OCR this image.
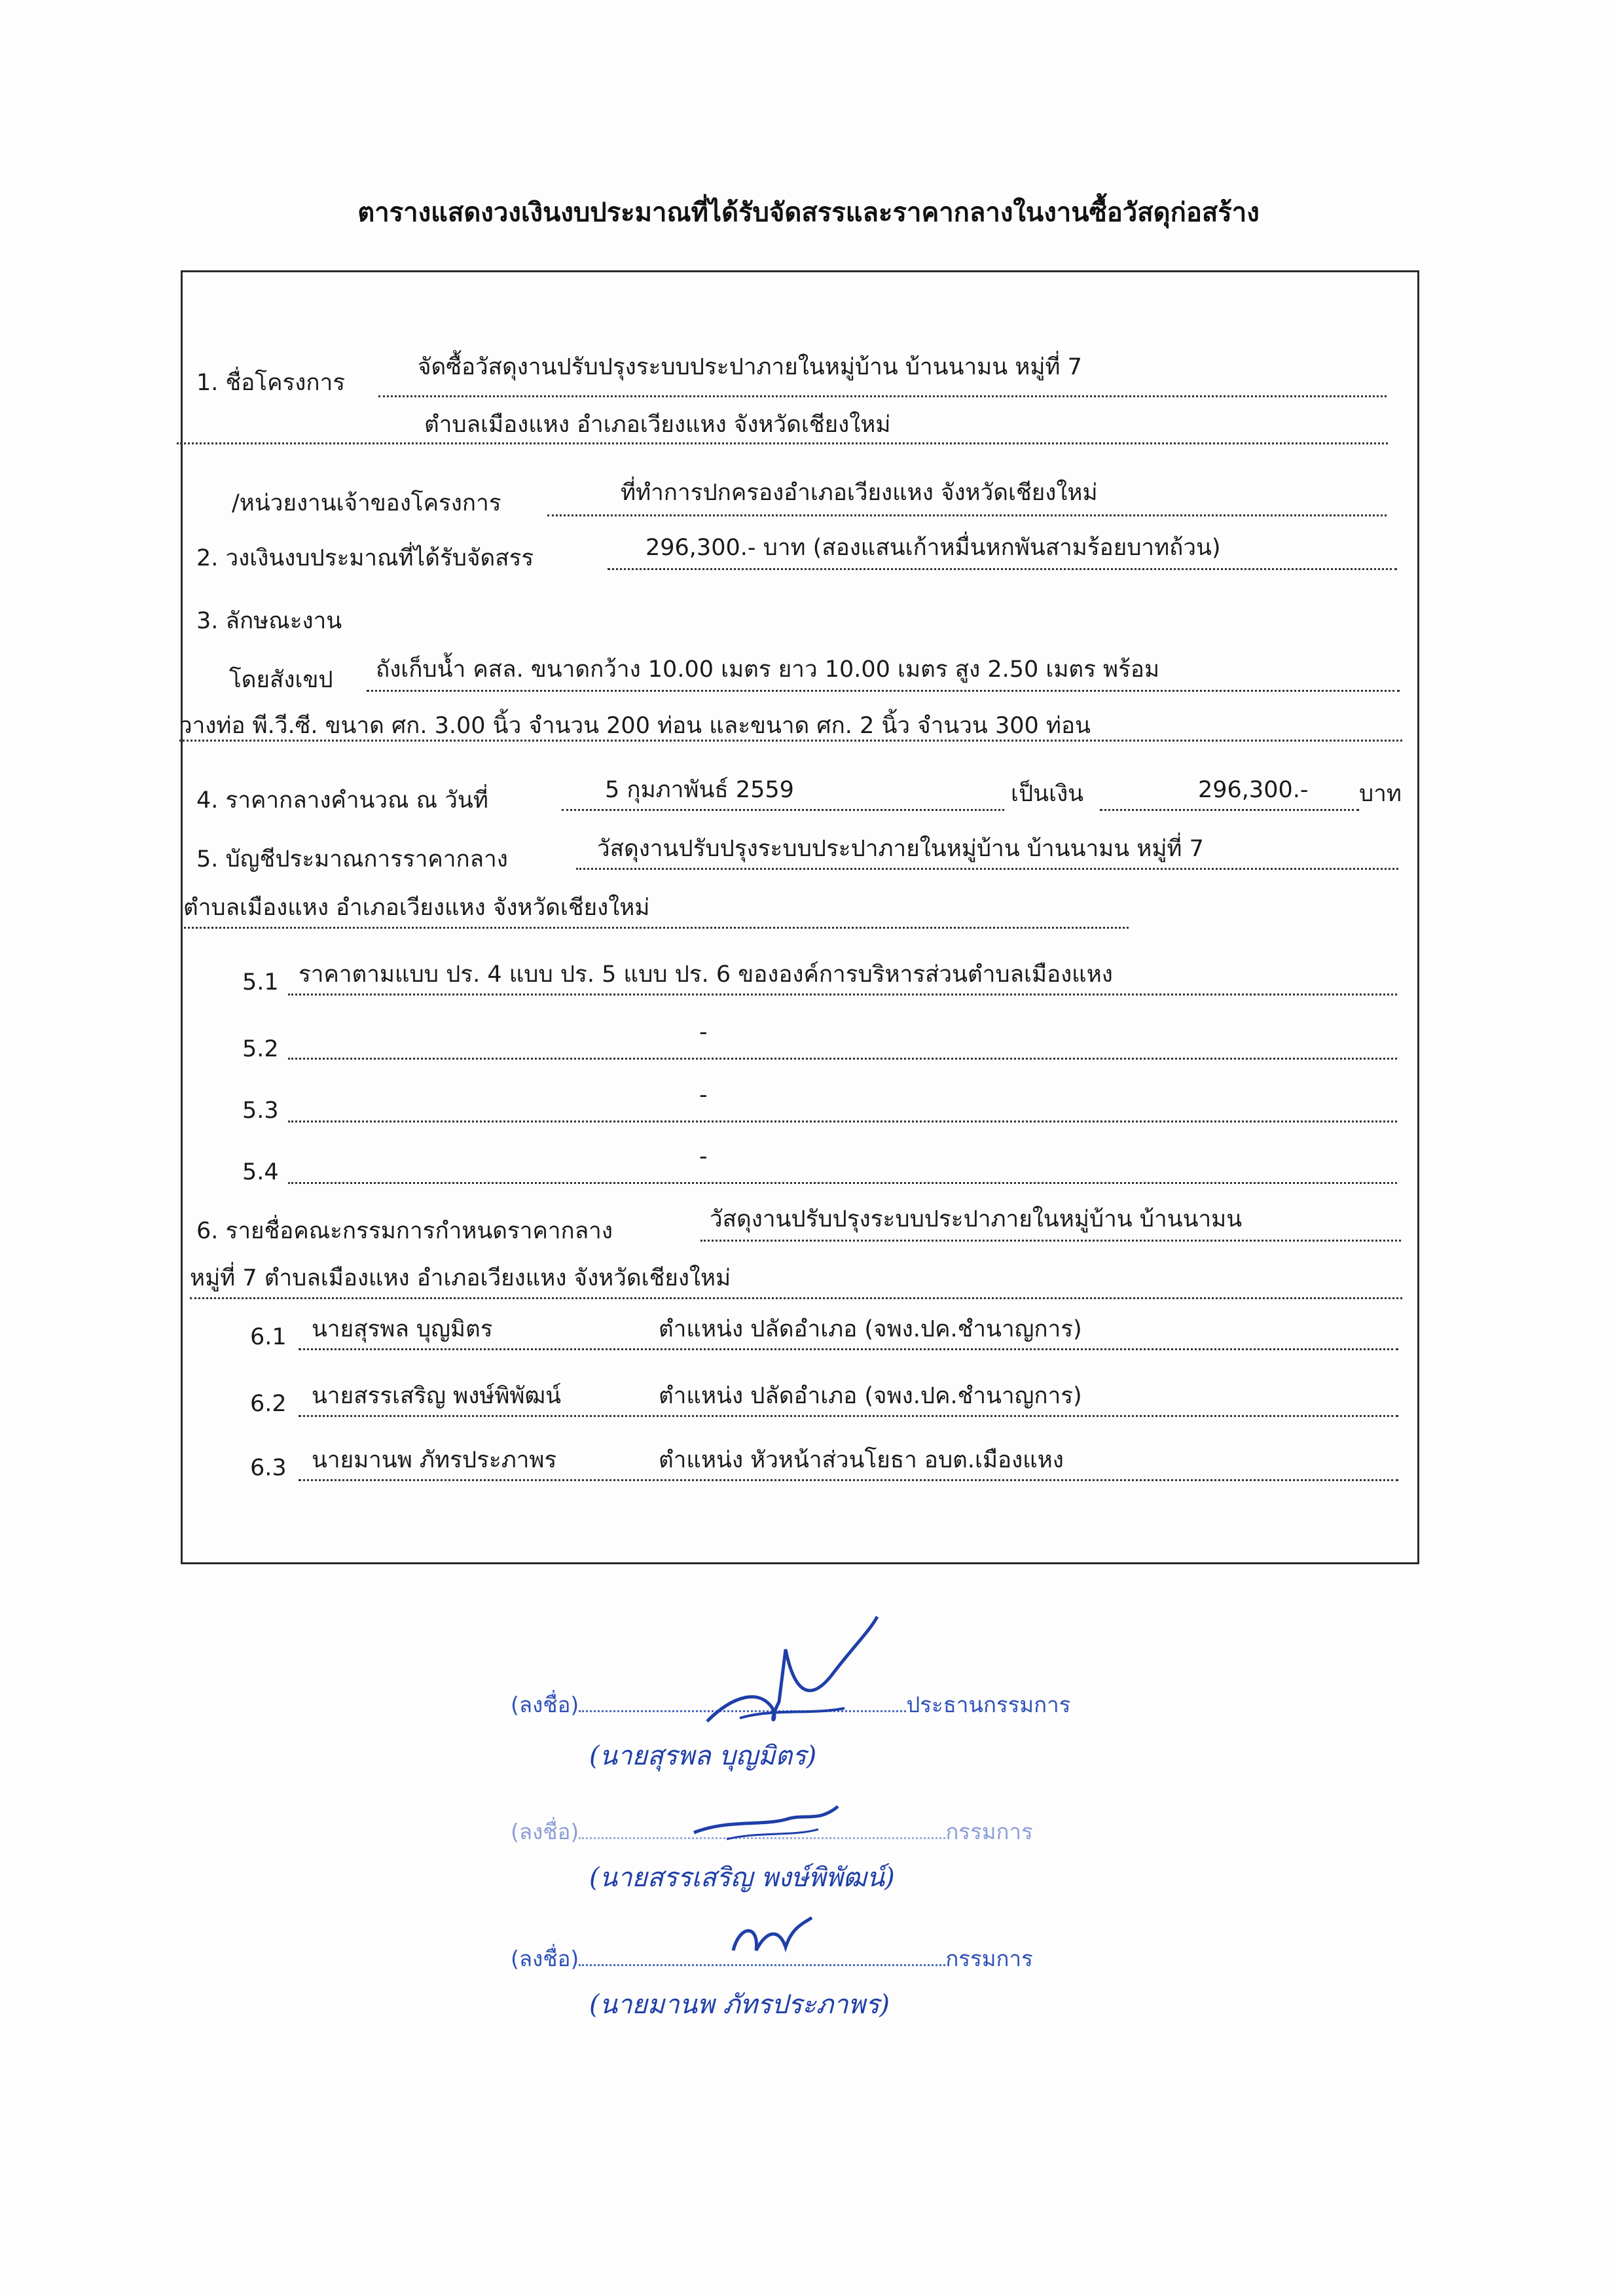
ตารางแสดงวงเงินงบประมาณที่ได้รับจัดสรรและราคากลางในงานซื้อวัสดุก่อสร้าง
1. ชื่อโครงการ
จัดซื้อวัสดุงานปรับปรุงระบบประปาภายในหมู่บ้าน บ้านนามน หมู่ที่ 7
ตำบลเมืองแหง อำเภอเวียงแหง จังหวัดเชียงใหม่
/หน่วยงานเจ้าของโครงการ	ที่ทำการปกครองอำเภอเวียงแหง จังหวัดเชียงใหม่
2. วงเงินงบประมาณที่ได้รับจัดสรร	296,300.- บาท (สองแสนเก้าหมื่นหกพันสามร้อยบาทถ้วน)
3. ลักษณะงาน
โดยสังเขป ถังเก็บน้ำ คสล. ขนาดกว้าง 10.00 เมตร ยาว 10.00 เมตร สูง 2.50 เมตร พร้อม
วางท่อ พี.วี.ซี. ขนาด ศก. 3.00 นิ้ว จำนวน 200 ท่อน และขนาด ศก. 2 นิ้ว จำนวน 300 ท่อน
4. ราคากลางคำนวณ ณ วันที่	5 กุมภาพันธ์ 2559	เป็นเงิน	296,300.- บาท
5. บัญชีประมาณการราคากลาง	วัสดุงานปรับปรุงระบบประปาภายในหมู่บ้าน บ้านนามน หมู่ที่ 7
ตำบลเมืองแหง อำเภอเวียงแหง จังหวัดเชียงใหม่
5.1 ราคาตามแบบ ปร. 4 แบบ ปร. 5 แบบ ปร. 6 ขององค์การบริหารส่วนตำบลเมืองแหง
5.2
-
5.3
-
5.4
-
6. รายชื่อคณะกรรมการกำหนดราคากลาง	วัสดุงานปรับปรุงระบบประปาภายในหมู่บ้าน บ้านนามน
หมู่ที่ 7 ตำบลเมืองแหง อำเภอเวียงแหง จังหวัดเชียงใหม่
6.1 นายสุรพล บุญมิตร	ตำแหน่ง ปลัดอำเภอ (จพง.ปค.ชำนาญการ)
6.2 นายสรรเสริญ พงษ์พิพัฒน์	ตำแหน่ง ปลัดอำเภอ (จพง.ปค.ชำนาญการ)
6.3 นายมานพ ภัทรประภาพร	ตำแหน่ง หัวหน้าส่วนโยธา อบต.เมืองแหง
(ลงชื่อ)	ประธานกรรมการ
(นายสุรพล บุญมิตร)
(ลงชื่อ)	กรรมการ
(นายสรรเสริญ พงษ์พิพัฒน์)
(ลงชื่อ)	กรรมการ
(นายมานพ ภัทรประภาพร)
